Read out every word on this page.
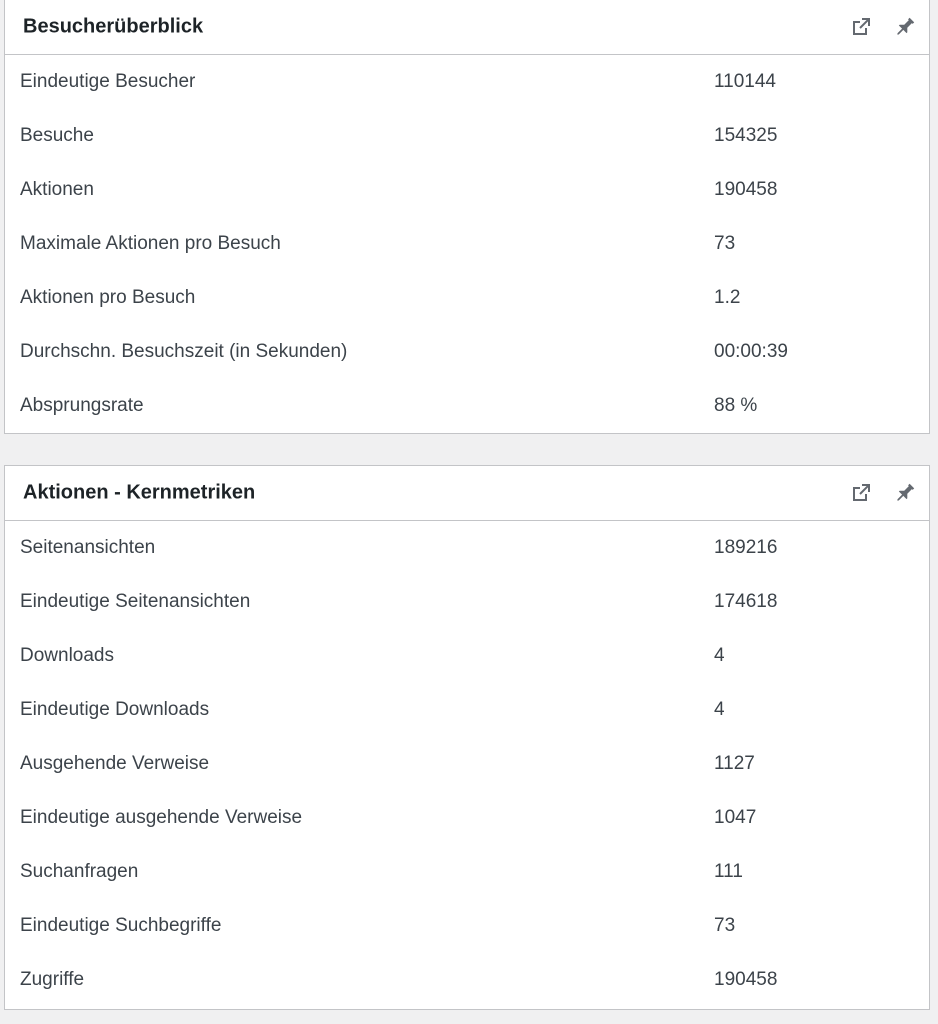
Besucherüberblick
Eindeutige Besucher	110144
Besuche	154325
Aktionen	190458
Maximale Aktionen pro Besuch	73
Aktionen pro Besuch	1.2
Durchschn. Besuchszeit (in Sekunden)	00:00:39
Absprungsrate	88 %
Aktionen - Kernmetriken
Seitenansichten	189216
Eindeutige Seitenansichten	174618
Downloads	4
Eindeutige Downloads	4
Ausgehende Verweise	1127
Eindeutige ausgehende Verweise	1047
Suchanfragen	111
Eindeutige Suchbegriffe	73
Zugriffe	190458
